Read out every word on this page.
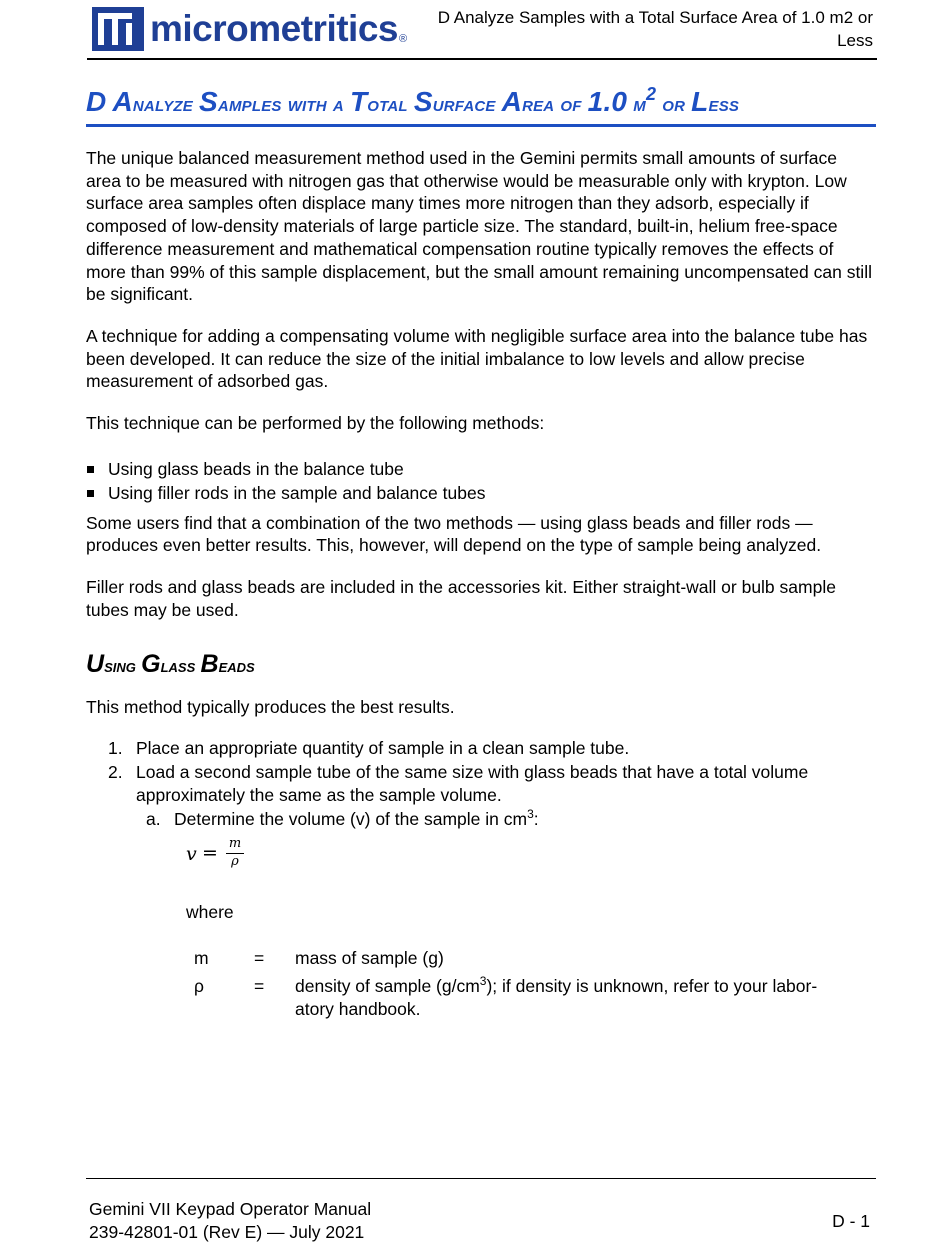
micrometritics ®
D Analyze Samples with a Total Surface Area of 1.0 m2 or Less
D Analyze Samples with a Total Surface Area of 1.0 $m^2$ or Less

The unique balanced measurement method used in the Gemini permits small amounts of surface area to be measured with nitrogen gas that otherwise would be measurable only with krypton. Low surface area samples often displace many times more nitrogen than they adsorb, especially if composed of low-density materials of large particle size. The standard, built-in, helium free-space difference measurement and mathematical compensation routine typically removes the effects of more than 99% of this sample displacement, but the small amount remaining uncompensated can still be significant.

A technique for adding a compensating volume with negligible surface area into the balance tube has been developed. It can reduce the size of the initial imbalance to low levels and allow precise measurement of adsorbed gas.

This technique can be performed by the following methods:

Using glass beads in the balance tube
Using filler rods in the sample and balance tubes

Some users find that a combination of the two methods — using glass beads and filler rods — produces even better results. This, however, will depend on the type of sample being analyzed.

Filler rods and glass beads are included in the accessories kit. Either straight-wall or bulb sample tubes may be used.

Using Glass Beads

This method typically produces the best results.

1. Place an appropriate quantity of sample in a clean sample tube.
2. Load a second sample tube of the same size with glass beads that have a total volume approximately the same as the sample volume.
a. Determine the volume (v) of the sample in $cm^3$:
v = m
ρ
where
m	= mass of sample (g)
ρ	= density of sample $(g/cm^3)$; if density is unknown, refer to your labor- atory handbook.
Gemini VII Keypad Operator Manual
239-42801-01 (Rev E) — July 2021
D - 1
